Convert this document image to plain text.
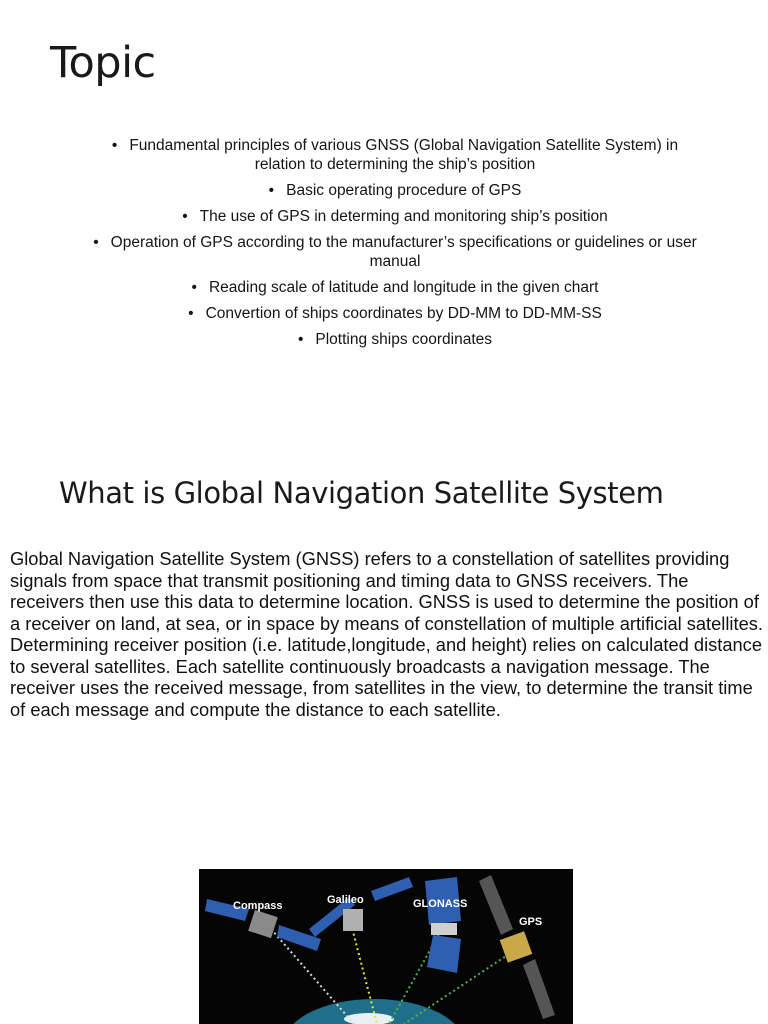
Topic
• Fundamental principles of various GNSS (Global Navigation Satellite System) in relation to determining the ship’s position
• Basic operating procedure of GPS
• The use of GPS in determing and monitoring ship’s position
• Operation of GPS according to the manufacturer’s specifications or guidelines or user manual
• Reading scale of latitude and longitude in the given chart
• Convertion of ships coordinates by DD-MM to DD-MM-SS
• Plotting ships coordinates
What is Global Navigation Satellite System

Global Navigation Satellite System (GNSS) refers to a constellation of satellites providing signals from space that transmit positioning and timing data to GNSS receivers. The receivers then use this data to determine location. GNSS is used to determine the position of a receiver on land, at sea, or in space by means of constellation of multiple artificial satellites. Determining receiver position (i.e. latitude,longitude, and height) relies on calculated distance to several satellites. Each satellite continuously broadcasts a navigation message. The receiver uses the received message, from satellites in the view, to determine the transit time of each message and compute the distance to each satellite.

Compass	Galileo	GLONASS
GPS
